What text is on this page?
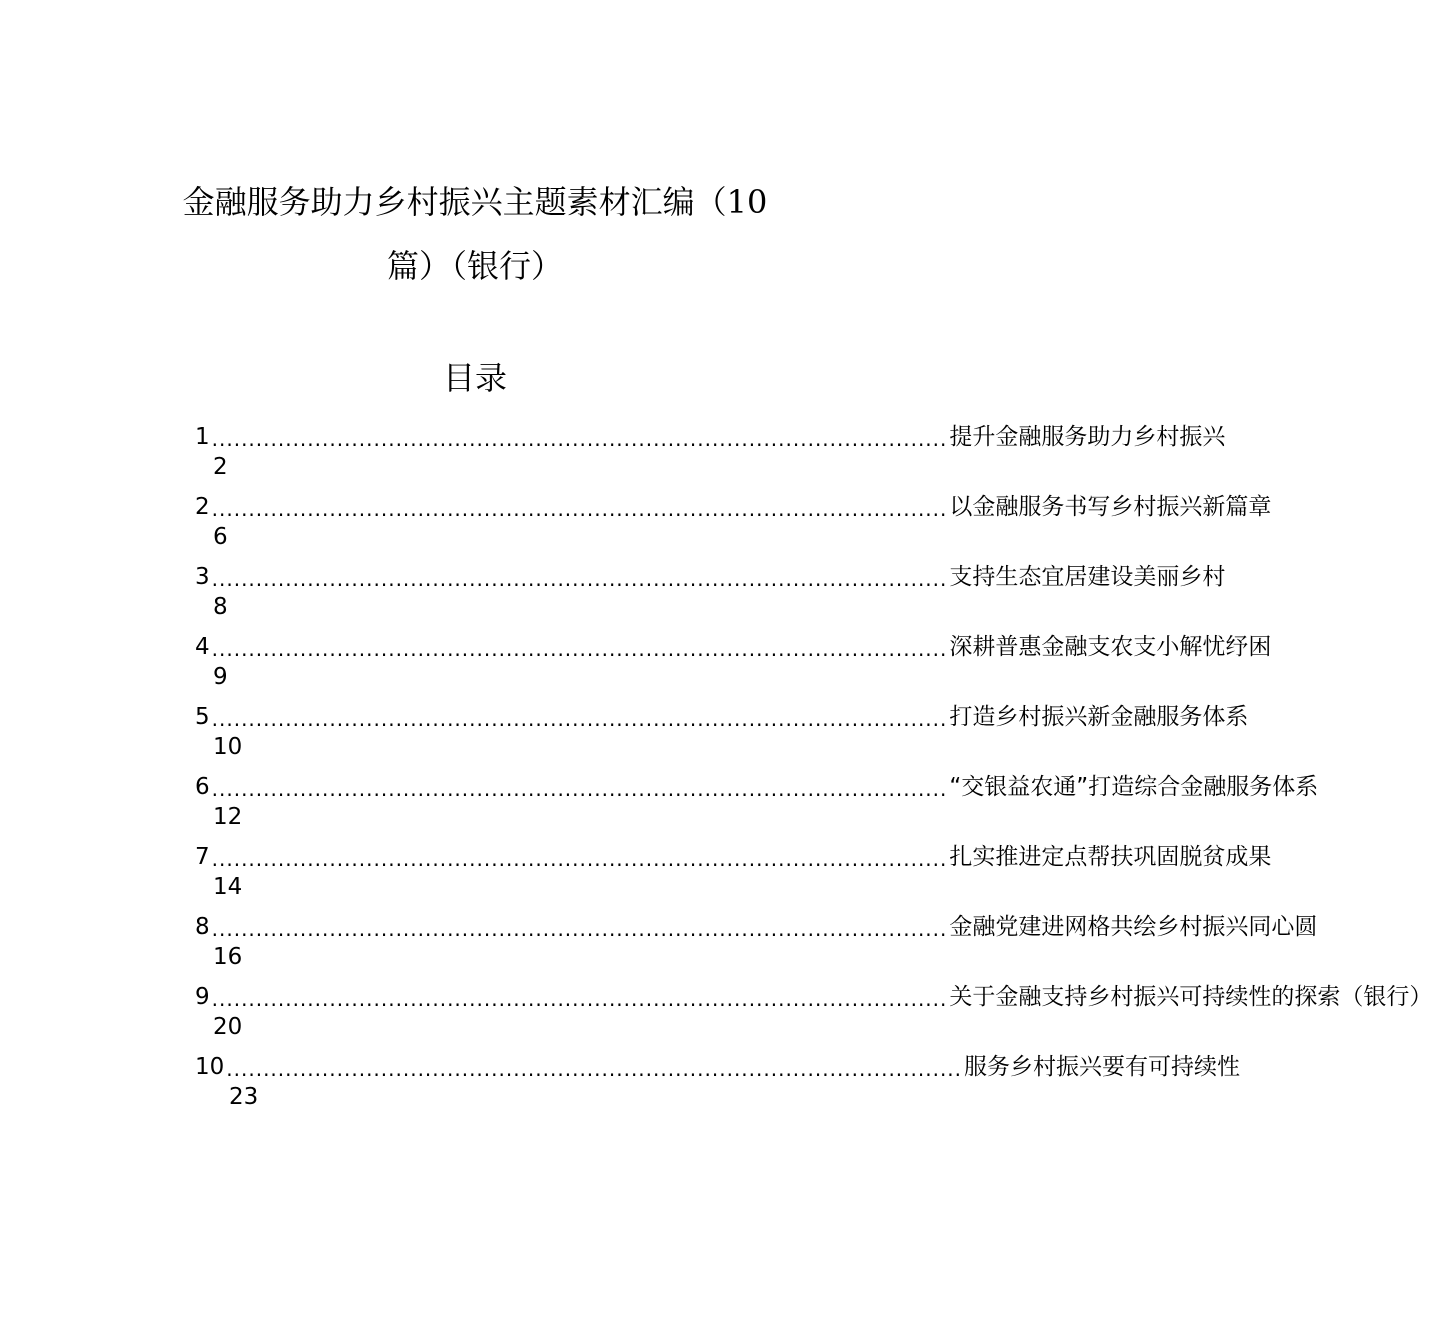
金融服务助力乡村振兴主题素材汇编（10
篇）（银行）
目录
1 .................................................................................................... 提升金融服务助力乡村振兴
2
2 .................................................................................................... 以金融服务书写乡村振兴新篇章
6
3 .................................................................................................... 支持生态宜居建设美丽乡村
8
4 .................................................................................................... 深耕普惠金融支农支小解忧纾困
9
5 .................................................................................................... 打造乡村振兴新金融服务体系
10
6 .................................................................................................... “交银益农通”打造综合金融服务体系
12
7 .................................................................................................... 扎实推进定点帮扶巩固脱贫成果
14
8 .................................................................................................... 金融党建进网格共绘乡村振兴同心圆
16
9 .................................................................................................... 关于金融支持乡村振兴可持续性的探索（银行）
20
10 .................................................................................................... 服务乡村振兴要有可持续性
23
